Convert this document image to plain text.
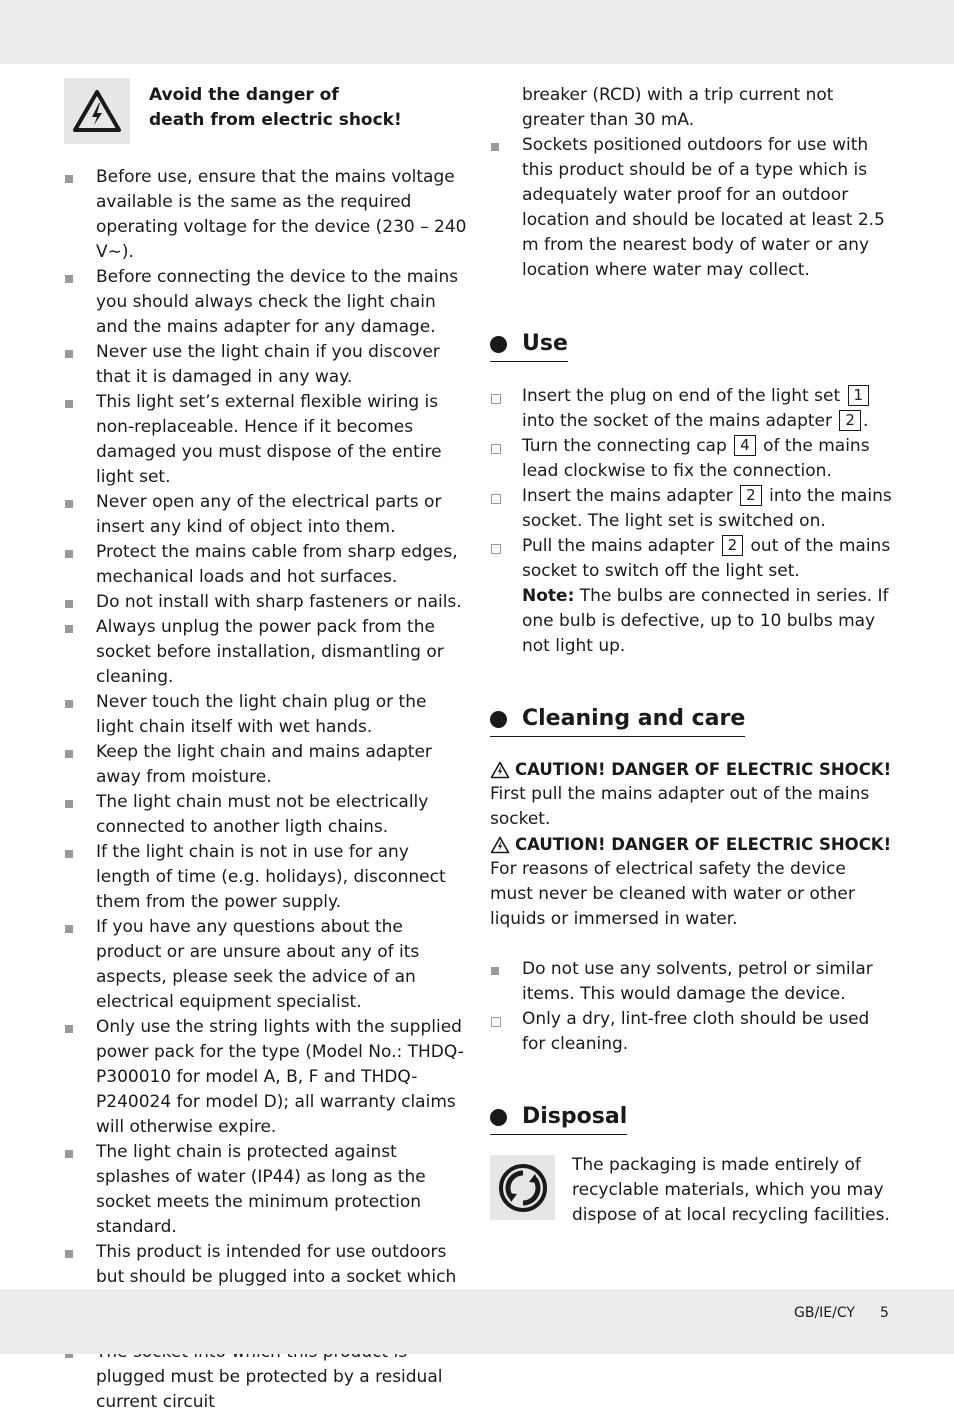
Avoid the danger of
death from electric shock!
Before use, ensure that the mains voltage available is the same as the required operating voltage for the device (230 – 240 V∼).
Before connecting the device to the mains you should always check the light chain and the mains adapter for any damage.
Never use the light chain if you discover that it is damaged in any way.
This light set’s external flexible wiring is non-replaceable. Hence if it becomes damaged you must dispose of the entire light set.
Never open any of the electrical parts or insert any kind of object into them.
Protect the mains cable from sharp edges, mechanical loads and hot surfaces.
Do not install with sharp fasteners or nails.
Always unplug the power pack from the socket before installation, dismantling or cleaning.
Never touch the light chain plug or the light chain itself with wet hands.
Keep the light chain and mains adapter away from moisture.
The light chain must not be electrically connected to another ligth chains.
If the light chain is not in use for any length of time (e.g. holidays), disconnect them from the power supply.
If you have any questions about the product or are unsure about any of its aspects, please seek the advice of an electrical equipment specialist.
Only use the string lights with the supplied power pack for the type (Model No.: THDQ-P300010 for model A, B, F and THDQ-P240024 for model D); all warranty claims will otherwise expire.
The light chain is protected against splashes of water (IP44) as long as the socket meets the minimum protection standard.
This product is intended for use outdoors but should be plugged into a socket which
plugged must be protected by a residual current circuit
breaker (RCD) with a trip current not greater than 30 mA.
Sockets positioned outdoors for use with this product should be of a type which is adequately water proof for an outdoor location and should be located at least 2.5 m from the nearest body of water or any location where water may collect.
Use
Insert the plug on end of the light set 1 into the socket of the mains adapter 2 .
Turn the connecting cap 4 of the mains lead clockwise to fix the connection.
Insert the mains adapter 2 into the mains socket. The light set is switched on.
Pull the mains adapter 2 out of the mains socket to switch off the light set.
Note: The bulbs are connected in series. If one bulb is defective, up to 10 bulbs may not light up.
Cleaning and care
CAUTION! DANGER OF ELECTRIC SHOCK!
First pull the mains adapter out of the mains socket.
CAUTION! DANGER OF ELECTRIC SHOCK!
For reasons of electrical safety the device must never be cleaned with water or other liquids or immersed in water.
Do not use any solvents, petrol or similar items. This would damage the device.
Only a dry, lint-free cloth should be used for cleaning.
Disposal
The packaging is made entirely of
recyclable materials, which you may
dispose of at local recycling facilities.
GB/IE/CY 5
